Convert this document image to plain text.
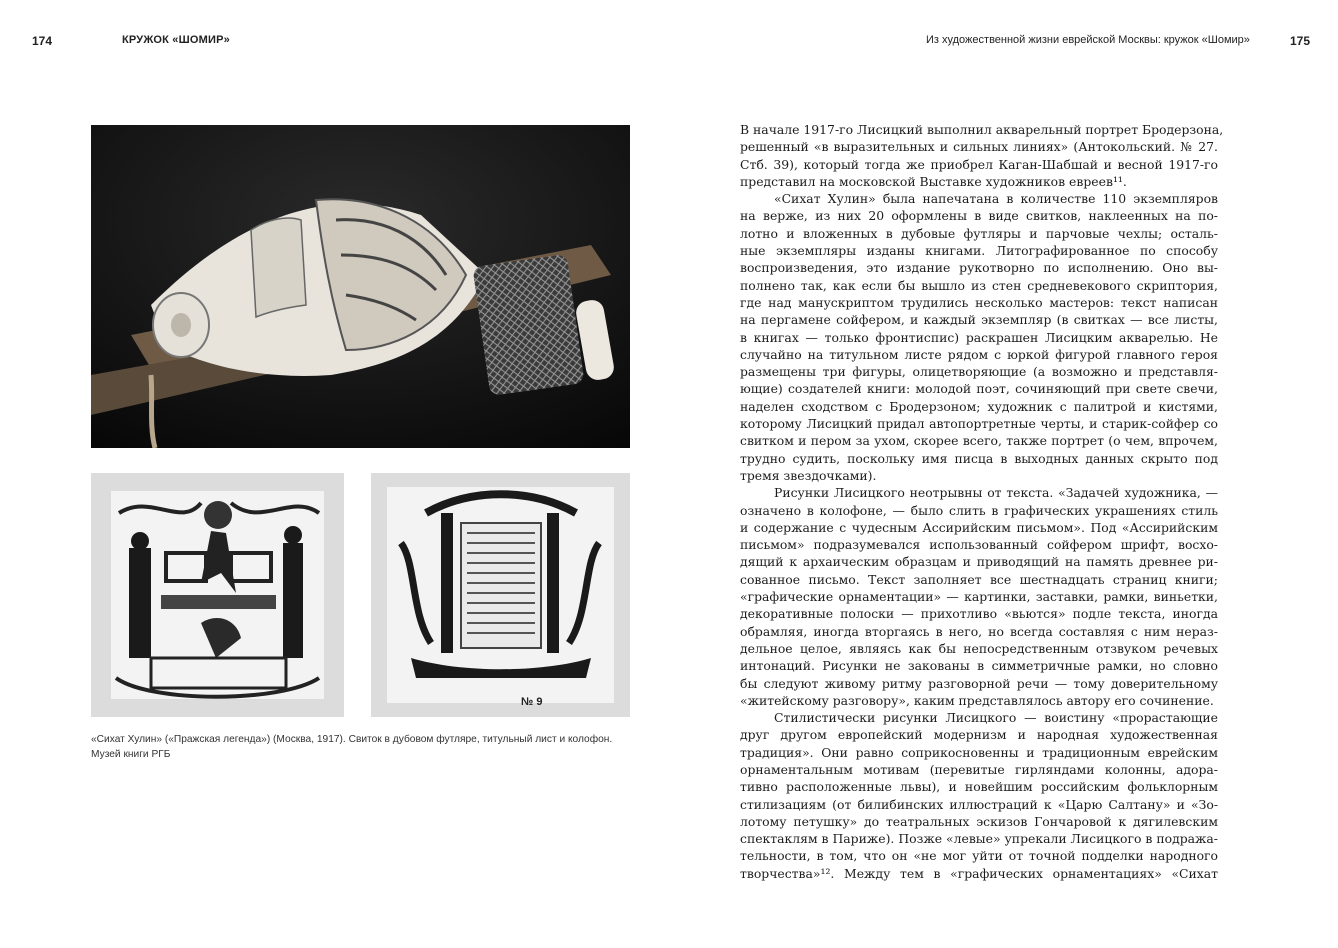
174	КРУЖОК «ШОМИР»	Из художественной жизни еврейской Москвы: кружок «Шомир»	175
№ 9
«Сихат Хулин» («Пражская легенда») (Москва, 1917). Свиток в дубовом футляре, титульный лист и колофон.
Музей книги РГБ
В начале 1917-го Лисицкий выполнил акварельный портрет Бродерзона,
решенный «в выразительных и сильных линиях» (Антокольский. № 27.
Стб. 39), который тогда же приобрел Каган-Шабшай и весной 1917-го
представил на московской Выставке художников евреев¹¹.
«Сихат Хулин» была напечатана в количестве 110 экземпляров
на верже, из них 20 оформлены в виде свитков, наклеенных на по-
лотно и вложенных в дубовые футляры и парчовые чехлы; осталь-
ные экземпляры изданы книгами. Литографированное по способу
воспроизведения, это издание рукотворно по исполнению. Оно вы-
полнено так, как если бы вышло из стен средневекового скриптория,
где над манускриптом трудились несколько мастеров: текст написан
на пергамене сойфером, и каждый экземпляр (в свитках — все листы,
в книгах — только фронтиспис) раскрашен Лисицким акварелью. Не
случайно на титульном листе рядом с юркой фигурой главного героя
размещены три фигуры, олицетворяющие (а возможно и представля-
ющие) создателей книги: молодой поэт, сочиняющий при свете свечи,
наделен сходством с Бродерзоном; художник с палитрой и кистями,
которому Лисицкий придал автопортретные черты, и старик-сойфер со
свитком и пером за ухом, скорее всего, также портрет (о чем, впрочем,
трудно судить, поскольку имя писца в выходных данных скрыто под
тремя звездочками).
Рисунки Лисицкого неотрывны от текста. «Задачей художника, —
означено в колофоне, — было слить в графических украшениях стиль
и содержание с чудесным Ассирийским письмом». Под «Ассирийским
письмом» подразумевался использованный сойфером шрифт, восхо-
дящий к архаическим образцам и приводящий на память древнее ри-
сованное письмо. Текст заполняет все шестнадцать страниц книги;
«графические орнаментации» — картинки, заставки, рамки, виньетки,
декоративные полоски — прихотливо «вьются» подле текста, иногда
обрамляя, иногда вторгаясь в него, но всегда составляя с ним нераз-
дельное целое, являясь как бы непосредственным отзвуком речевых
интонаций. Рисунки не закованы в симметричные рамки, но словно
бы следуют живому ритму разговорной речи — тому доверительному
«житейскому разговору», каким представлялось автору его сочинение.
Стилистически рисунки Лисицкого — воистину «прорастающие
друг другом европейский модернизм и народная художественная
традиция». Они равно соприкосновенны и традиционным еврейским
орнаментальным мотивам (перевитые гирляндами колонны, адора-
тивно расположенные львы), и новейшим российским фольклорным
стилизациям (от билибинских иллюстраций к «Царю Салтану» и «Зо-
лотому петушку» до театральных эскизов Гончаровой к дягилевским
спектаклям в Париже). Позже «левые» упрекали Лисицкого в подража-
тельности, в том, что он «не мог уйти от точной подделки народного
творчества»¹². Между тем в «графических орнаментациях» «Сихат
